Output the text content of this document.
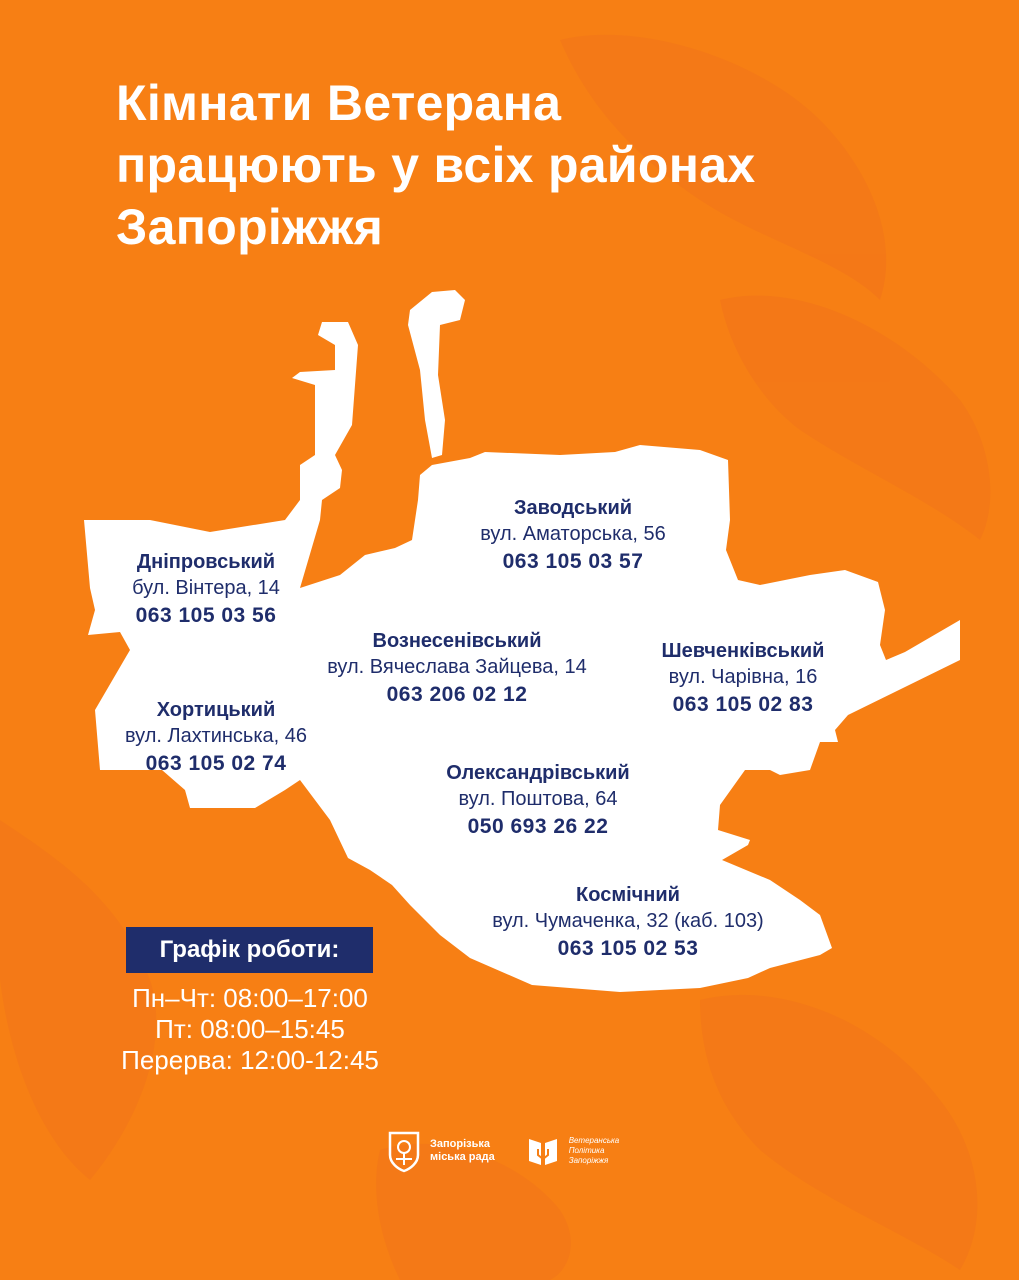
Кімнати Ветерана
працюють у всіх районах
Запоріжжя
Заводський
вул. Аматорська, 56
063 105 03 57
Дніпровський
бул. Вінтера, 14
063 105 03 56
Вознесенівський
вул. Вячеслава Зайцева, 14
063 206 02 12
Шевченківський
вул. Чарівна, 16
063 105 02 83
Хортицький
вул. Лахтинська, 46
063 105 02 74	Олександрівський
вул. Поштова, 64
050 693 26 22
Космічний
вул. Чумаченка, 32 (каб. 103)
063 105 02 53
Графік роботи:
Пн–Чт: 08:00–17:00
Пт: 08:00–15:45
Перерва: 12:00-12:45
Запорізька
міська рада
Ветеранська
Політика
Запоріжжя
